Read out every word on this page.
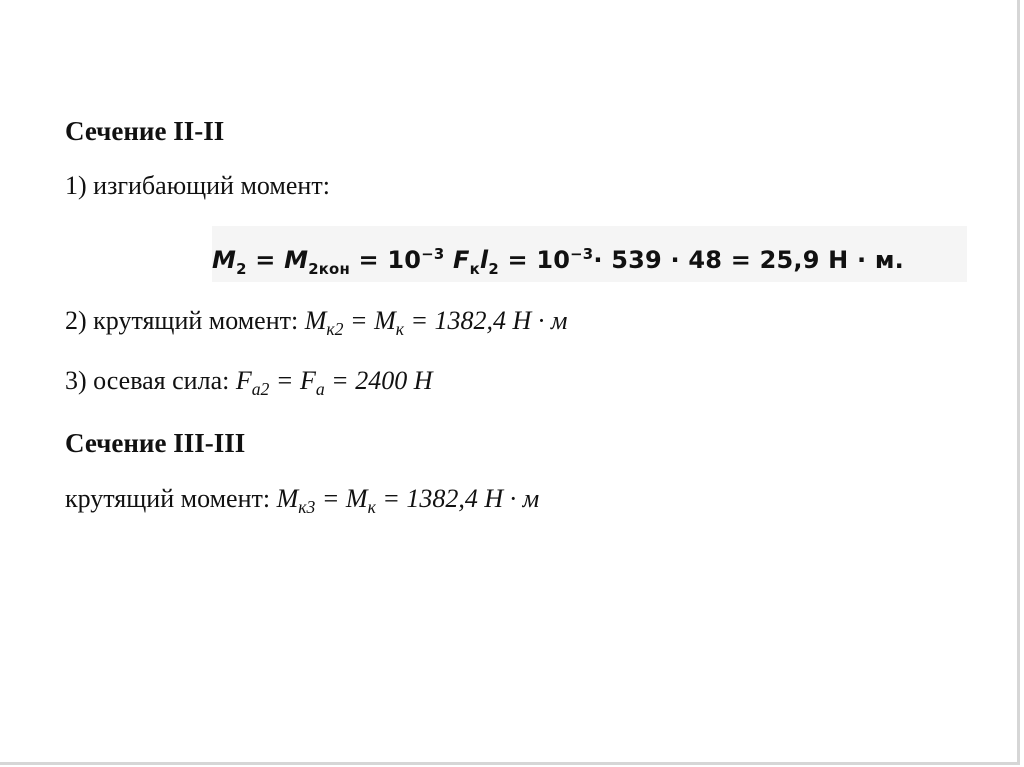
Сечение II-II
1) изгибающий момент:
$M_2 = M_{2кон} = 10^{-3}$ $F_кl_2 = 10^{-3}\cdot 539 \cdot 48 = 25,9$ Н · м.
2) крутящий момент: $M_{к2} = M_к = 1382,4$ Н · м
3) осевая сила: $F_{a2} = F_a = 2400$ Н
Сечение III-III
крутящий момент: $M_{к3} = M_к = 1382,4$ Н · м
